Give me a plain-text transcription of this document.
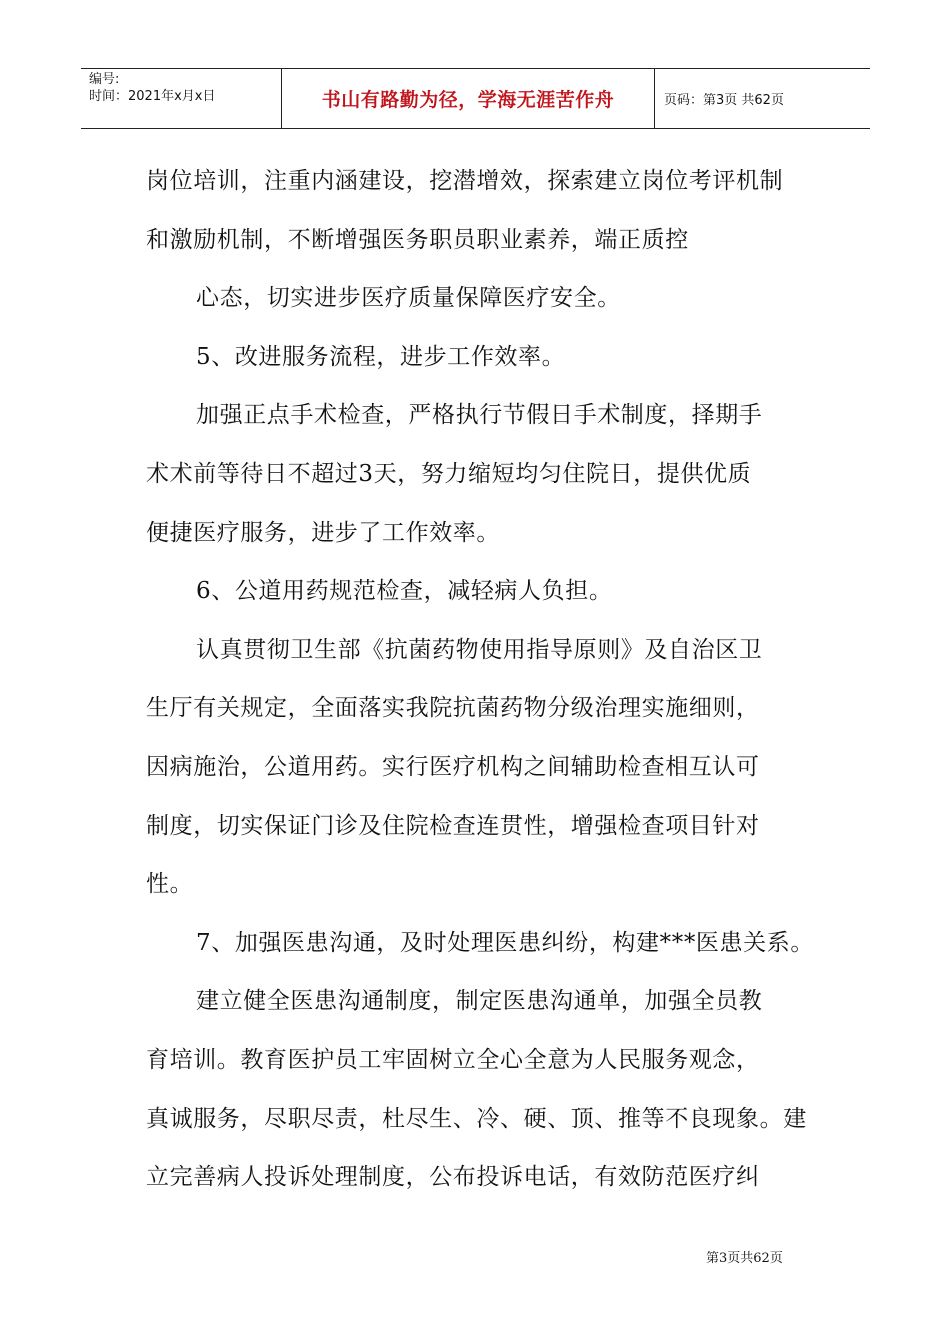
编号:
时间：2021年x月x日	书山有路勤为径，学海无涯苦作舟	页码：第3页 共62页
岗位培训，注重内涵建设，挖潜增效，探索建立岗位考评机制
和激励机制，不断增强医务职员职业素养，端正质控
心态，切实进步医疗质量保障医疗安全。
5、改进服务流程，进步工作效率。
加强正点手术检查，严格执行节假日手术制度，择期手
术术前等待日不超过3天，努力缩短均匀住院日，提供优质
便捷医疗服务，进步了工作效率。
6、公道用药规范检查，减轻病人负担。
认真贯彻卫生部《抗菌药物使用指导原则》及自治区卫
生厅有关规定，全面落实我院抗菌药物分级治理实施细则，
因病施治，公道用药。实行医疗机构之间辅助检查相互认可
制度，切实保证门诊及住院检查连贯性，增强检查项目针对
性。
7、加强医患沟通，及时处理医患纠纷，构建***医患关系。
建立健全医患沟通制度，制定医患沟通单，加强全员教
育培训。教育医护员工牢固树立全心全意为人民服务观念，
真诚服务，尽职尽责，杜尽生、冷、硬、顶、推等不良现象。建
立完善病人投诉处理制度，公布投诉电话，有效防范医疗纠
第3页共62页
